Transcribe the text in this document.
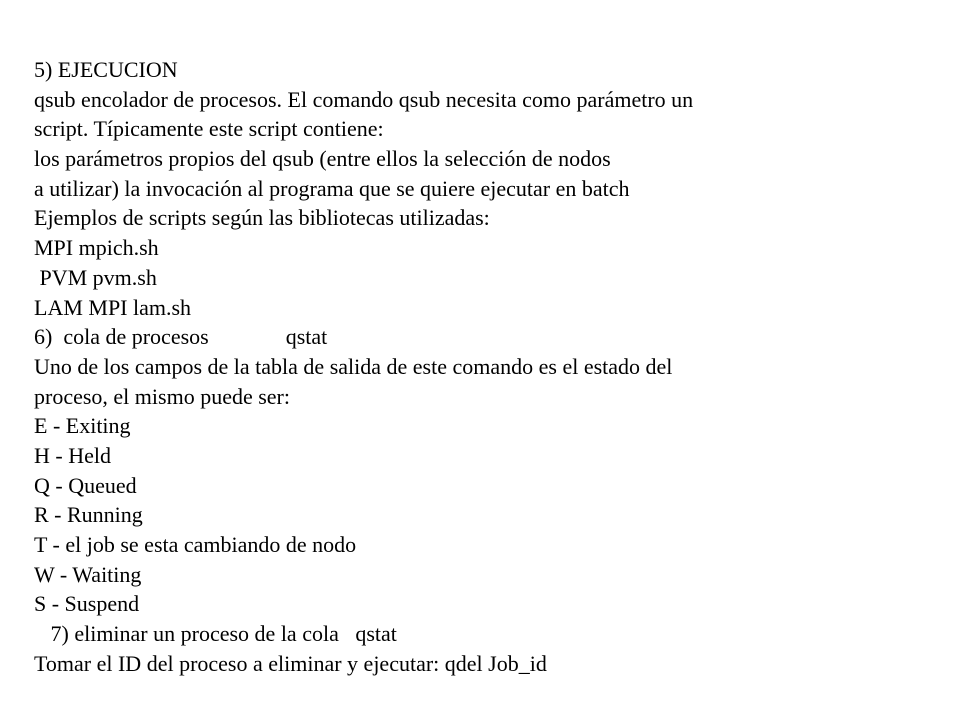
5) EJECUCION
qsub encolador de procesos. El comando qsub necesita como parámetro un
script. Típicamente este script contiene:
los parámetros propios del qsub (entre ellos la selección de nodos
a utilizar) la invocación al programa que se quiere ejecutar en batch
Ejemplos de scripts según las bibliotecas utilizadas:
MPI mpich.sh
PVM pvm.sh
LAM MPI lam.sh
6)  cola de procesos              qstat
Uno de los campos de la tabla de salida de este comando es el estado del
proceso, el mismo puede ser:
E - Exiting
H - Held
Q - Queued
R - Running
T - el job se esta cambiando de nodo
W - Waiting
S - Suspend
7) eliminar un proceso de la cola   qstat
Tomar el ID del proceso a eliminar y ejecutar: qdel Job_id
